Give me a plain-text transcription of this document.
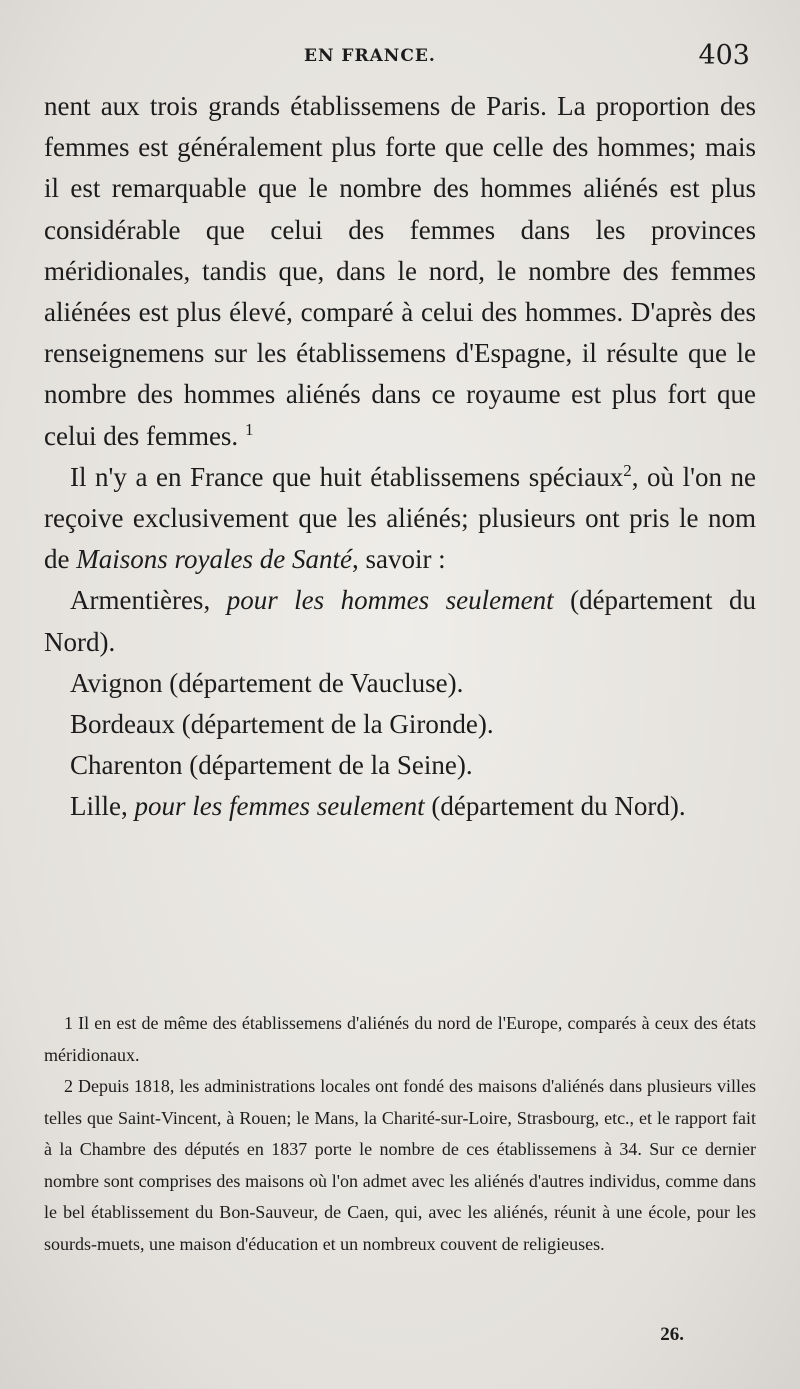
EN FRANCE.	403

nent aux trois grands établissemens de Paris. La proportion des femmes est généralement plus forte que celle des hommes; mais il est remarquable que le nombre des hommes aliénés est plus considérable que celui des femmes dans les provinces méridionales, tandis que, dans le nord, le nombre des femmes aliénées est plus élevé, comparé à celui des hommes. D'après des renseignemens sur les établissemens d'Espagne, il résulte que le nombre des hommes aliénés dans ce royaume est plus fort que celui des femmes. $^1$

Il n'y a en France que huit établissemens spéciaux$^2$, où l'on ne reçoive exclusivement que les aliénés; plusieurs ont pris le nom de Maisons royales de Santé, savoir :

Armentières, pour les hommes seulement (département du Nord).

Avignon (département de Vaucluse).

Bordeaux (département de la Gironde).

Charenton (département de la Seine).

Lille, pour les femmes seulement (département du Nord).

1 Il en est de même des établissemens d'aliénés du nord de l'Europe, comparés à ceux des états méridionaux.

2 Depuis 1818, les administrations locales ont fondé des maisons d'aliénés dans plusieurs villes telles que Saint-Vincent, à Rouen; le Mans, la Charité-sur-Loire, Strasbourg, etc., et le rapport fait à la Chambre des députés en 1837 porte le nombre de ces établissemens à 34. Sur ce dernier nombre sont comprises des maisons où l'on admet avec les aliénés d'autres individus, comme dans le bel établissement du Bon-Sauveur, de Caen, qui, avec les aliénés, réunit à une école, pour les sourds-muets, une maison d'éducation et un nombreux couvent de religieuses.

26.
